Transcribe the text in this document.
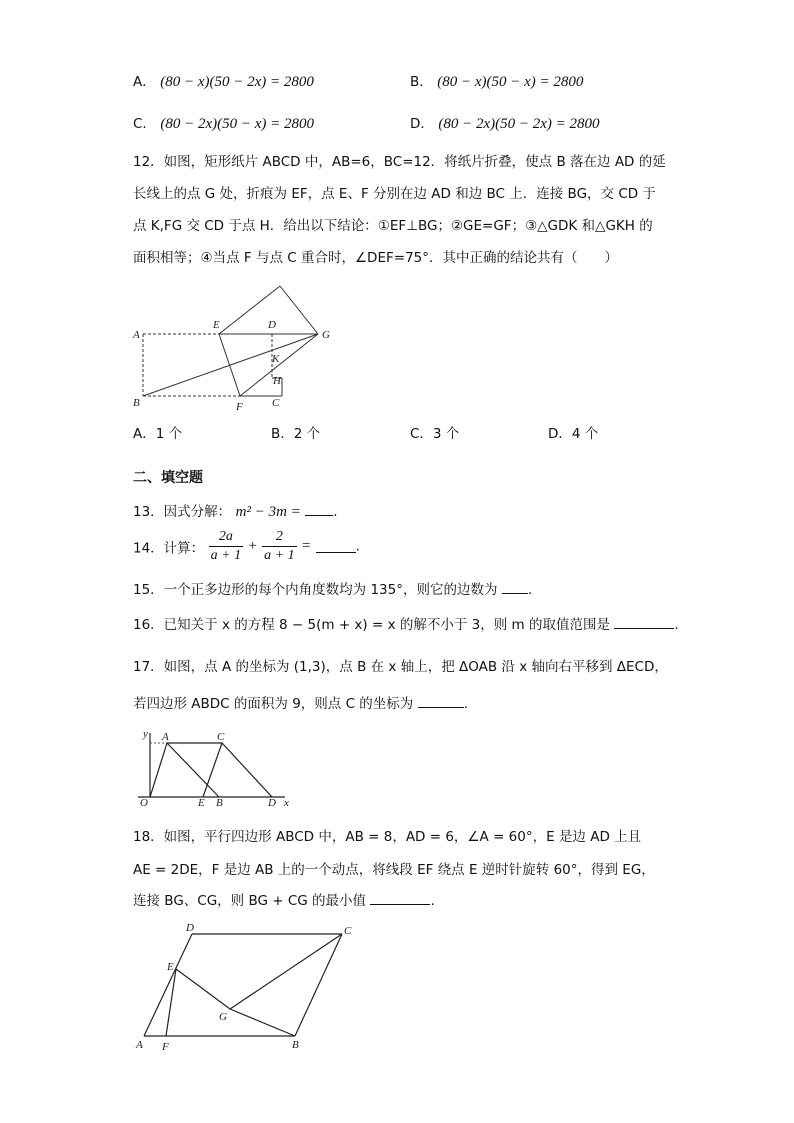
A． (80 − x)(50 − 2x) = 2800	B． (80 − x)(50 − x) = 2800
C． (80 − 2x)(50 − x) = 2800	D． (80 − 2x)(50 − 2x) = 2800
12．如图，矩形纸片 ABCD 中，AB=6，BC=12．将纸片折叠，使点 B 落在边 AD 的延
长线上的点 G 处，折痕为 EF，点 E、F 分别在边 AD 和边 BC 上．连接 BG，交 CD 于
点 K,FG 交 CD 于点 H．给出以下结论：①EF⊥BG；②GE=GF；③△GDK 和△GKH 的
面积相等；④当点 F 与点 C 重合时，∠DEF=75°．其中正确的结论共有（　　）
A
E	D
G
K
H
B	F	C
A．1 个	B．2 个	C．3 个	D．4 个
二、填空题
13．因式分解： m² − 3m = .
14．计算： $\frac{2a}{a + 1} + \frac{2}{a + 1}$ =	.
15．一个正多边形的每个内角度数均为 135°，则它的边数为 .
16．已知关于 x 的方程 8 − 5(m + x) = x 的解不小于 3，则 m 的取值范围是	.
17．如图，点 A 的坐标为 (1,3)，点 B 在 x 轴上，把 ΔOAB 沿 x 轴向右平移到 ΔECD，
若四边形 ABDC 的面积为 9，则点 C 的坐标为	.
y A	C
O	E B	D x
18．如图，平行四边形 ABCD 中，AB = 8，AD = 6，∠A = 60°，E 是边 AD 上且
AE = 2DE，F 是边 AB 上的一个动点，将线段 EF 绕点 E 逆时针旋转 60°，得到 EG，
连接 BG、CG，则 BG + CG 的最小值	.
D	C
E
G
A F	B
